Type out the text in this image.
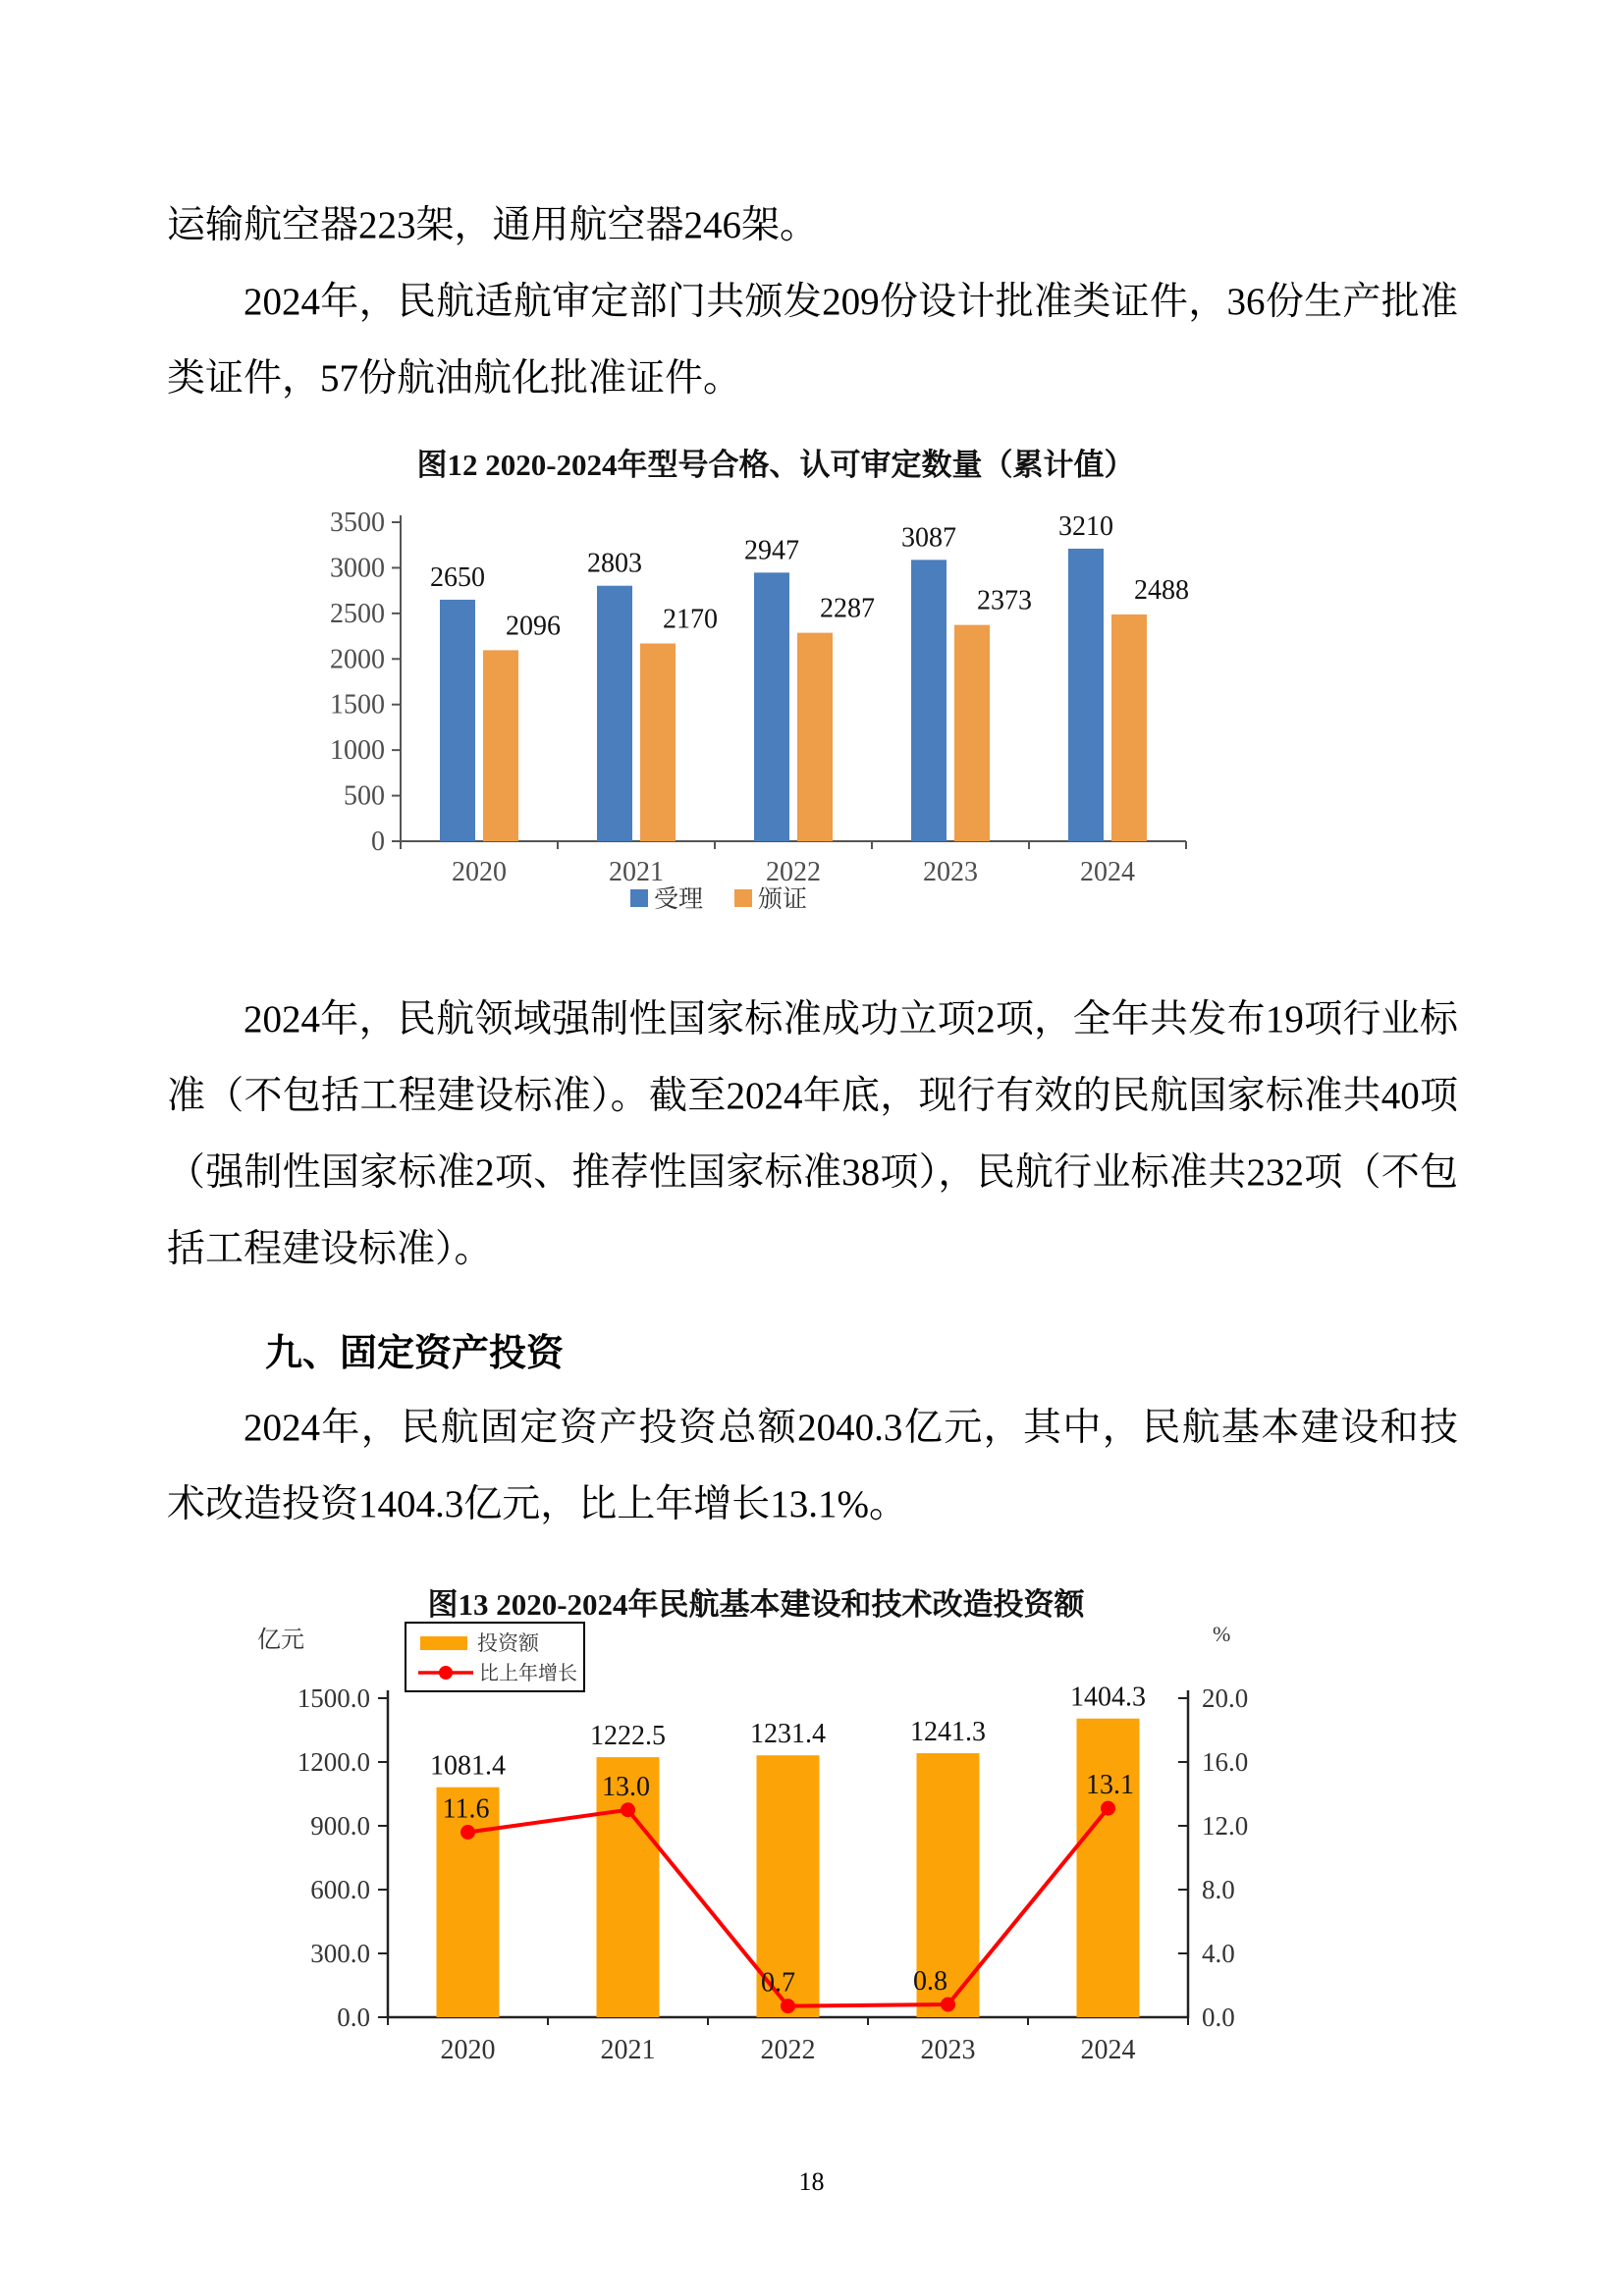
运输航空器223架，通用航空器246架。

2024年，民航适航审定部门共颁发209份设计批准类证件，36份生产批准类证件，57份航油航化批准证件。

图12 2020-2024年型号合格、认可审定数量（累计值）
0
500
1000
1500
2000
2500
3000
3500
2020
2650
2096
2021
2803
2170
2022
2947
2287
2023
3087
2373
2024
3210
2488
受理 颁证

2024年，民航领域强制性国家标准成功立项2项，全年共发布19项行业标准（不包括工程建设标准）。截至2024年底，现行有效的民航国家标准共40项（强制性国家标准2项、推荐性国家标准38项），民航行业标准共232项（不包括工程建设标准）。

九、固定资产投资

2024年，民航固定资产投资总额2040.3亿元，其中，民航基本建设和技术改造投资1404.3亿元，比上年增长13.1%。

图13 2020-2024年民航基本建设和技术改造投资额
亿元	%
0.0
300.0
600.0
900.0
1200.0
1500.0
0.0
4.0
8.0
12.0
16.0
20.0
2020
1081.4
2021
1222.5
2022
1231.4
2023
1241.3
2024
1404.3
11.6
13.0
0.7	0.8
13.1
投资额
比上年增长
18
